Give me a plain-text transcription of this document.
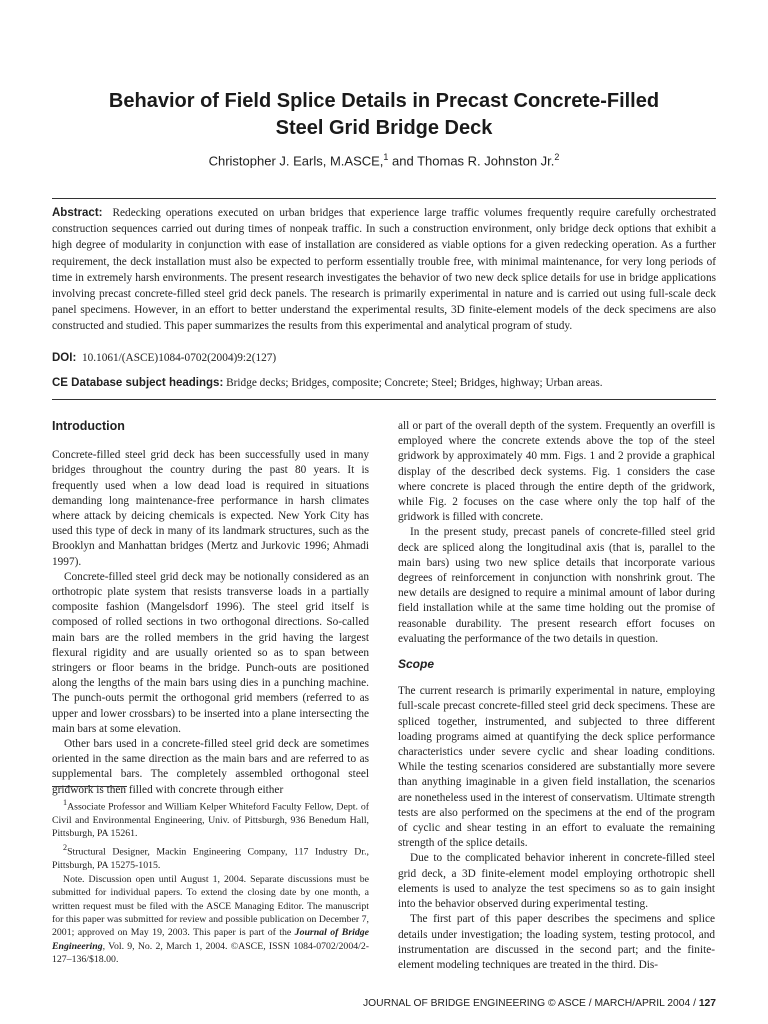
Behavior of Field Splice Details in Precast Concrete-Filled
Steel Grid Bridge Deck
Christopher J. Earls, M.ASCE,$^1$ and Thomas R. Johnston Jr.$^2$
Abstract: Redecking operations executed on urban bridges that experience large traffic volumes frequently require carefully orchestrated construction sequences carried out during times of nonpeak traffic. In such a construction environment, only bridge deck options that exhibit a high degree of modularity in conjunction with ease of installation are considered as viable options for a given redecking operation. As a further requirement, the deck installation must also be expected to perform essentially trouble free, with minimal maintenance, for very long periods of time in extremely harsh environments. The present research investigates the behavior of two new deck splice details for use in bridge applications involving precast concrete-filled steel grid deck panels. The research is primarily experimental in nature and is carried out using full-scale deck panel specimens. However, in an effort to better understand the experimental results, 3D finite-element models of the deck specimens are also constructed and studied. This paper summarizes the results from this experimental and analytical program of study.
DOI: 10.1061/(ASCE)1084-0702(2004)9:2(127)
CE Database subject headings: Bridge decks; Bridges, composite; Concrete; Steel; Bridges, highway; Urban areas.
Introduction

Concrete-filled steel grid deck has been successfully used in many bridges throughout the country during the past 80 years. It is frequently used when a low dead load is required in situations demanding long maintenance-free performance in harsh climates where attack by deicing chemicals is expected. New York City has used this type of deck in many of its landmark structures, such as the Brooklyn and Manhattan bridges (Mertz and Jurkovic 1996; Ahmadi 1997).

Concrete-filled steel grid deck may be notionally considered as an orthotropic plate system that resists transverse loads in a partially composite fashion (Mangelsdorf 1996). The steel grid itself is composed of rolled sections in two orthogonal directions. So-called main bars are the rolled members in the grid having the largest flexural rigidity and are usually oriented so as to span between stringers or floor beams in the bridge. Punch-outs are positioned along the lengths of the main bars using dies in a punching machine. The punch-outs permit the orthogonal grid members (referred to as upper and lower crossbars) to be inserted into a plane intersecting the main bars at some elevation.

Other bars used in a concrete-filled steel grid deck are sometimes oriented in the same direction as the main bars and are referred to as supplemental bars. The completely assembled orthogonal steel gridwork is then filled with concrete through either

$^1$Associate Professor and William Kelper Whiteford Faculty Fellow, Dept. of Civil and Environmental Engineering, Univ. of Pittsburgh, 936 Benedum Hall, Pittsburgh, PA 15261.

$^2$Structural Designer, Mackin Engineering Company, 117 Industry Dr., Pittsburgh, PA 15275-1015.

Note. Discussion open until August 1, 2004. Separate discussions must be submitted for individual papers. To extend the closing date by one month, a written request must be filed with the ASCE Managing Editor. The manuscript for this paper was submitted for review and possible publication on December 7, 2001; approved on May 19, 2003. This paper is part of the Journal of Bridge Engineering, Vol. 9, No. 2, March 1, 2004. ©ASCE, ISSN 1084-0702/2004/2-127–136/$18.00.

all or part of the overall depth of the system. Frequently an overfill is employed where the concrete extends above the top of the steel gridwork by approximately 40 mm. Figs. 1 and 2 provide a graphical display of the described deck systems. Fig. 1 considers the case where concrete is placed through the entire depth of the gridwork, while Fig. 2 focuses on the case where only the top half of the gridwork is filled with concrete.

In the present study, precast panels of concrete-filled steel grid deck are spliced along the longitudinal axis (that is, parallel to the main bars) using two new splice details that incorporate various degrees of reinforcement in conjunction with nonshrink grout. The new details are designed to require a minimal amount of labor during field installation while at the same time holding out the promise of reasonable durability. The present research effort focuses on evaluating the performance of the two details in question.

Scope

The current research is primarily experimental in nature, employing full-scale precast concrete-filled steel grid deck specimens. These are spliced together, instrumented, and subjected to three different loading programs aimed at quantifying the deck splice performance characteristics under severe cyclic and shear loading conditions. While the testing scenarios considered are substantially more severe than anything imaginable in a given field installation, the scenarios are nonetheless used in the interest of conservatism. Ultimate strength tests are also performed on the specimens at the end of the program of cyclic and shear testing in an effort to evaluate the remaining strength of the splice details.

Due to the complicated behavior inherent in concrete-filled steel grid deck, a 3D finite-element model employing orthotropic shell elements is used to analyze the test specimens so as to gain insight into the behavior observed during experimental testing.

The first part of this paper describes the specimens and splice details under investigation; the loading system, testing protocol, and instrumentation are discussed in the second part; and the finite-element modeling techniques are treated in the third. Dis-

JOURNAL OF BRIDGE ENGINEERING © ASCE / MARCH/APRIL 2004 / 127
